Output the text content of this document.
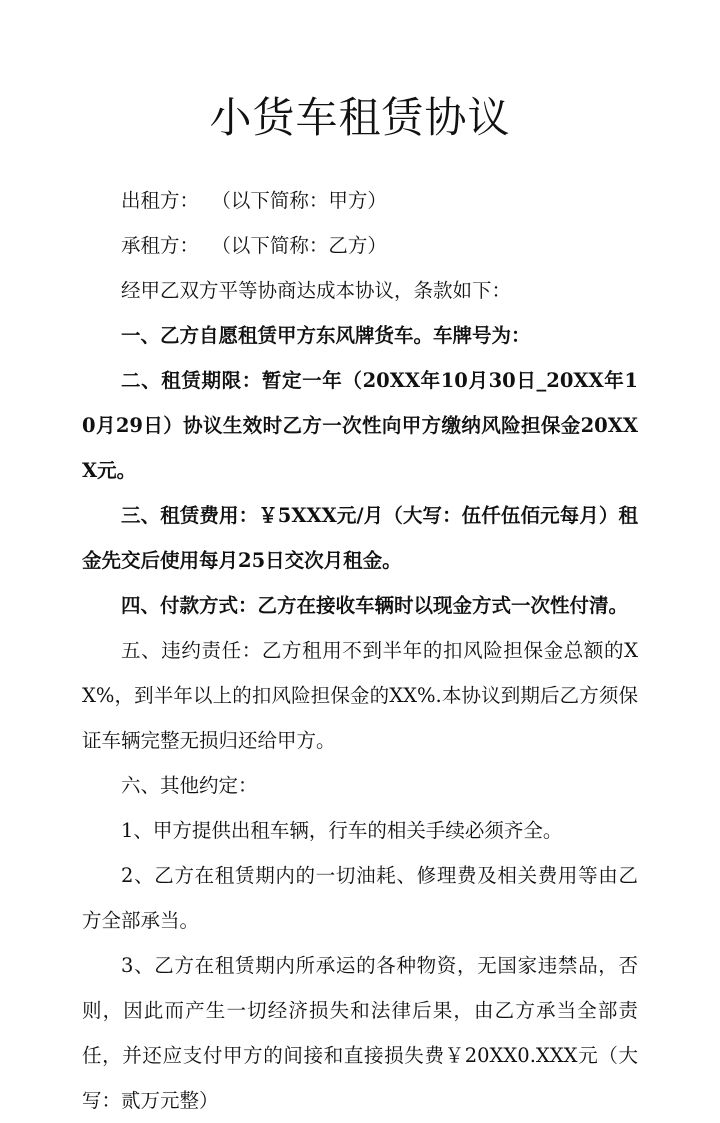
小货车租赁协议

出租方： （以下简称：甲方）

承租方： （以下简称：乙方）

经甲乙双方平等协商达成本协议，条款如下：

一、乙方自愿租赁甲方东风牌货车。车牌号为：

二、租赁期限：暂定一年（20XX年10月30日_20XX年10月29日）协议生效时乙方一次性向甲方缴纳风险担保金20XXX元。

三、租赁费用：￥5XXX元/月（大写：伍仟伍佰元每月）租金先交后使用每月25日交次月租金。

四、付款方式：乙方在接收车辆时以现金方式一次性付清。

五、违约责任：乙方租用不到半年的扣风险担保金总额的XX%，到半年以上的扣风险担保金的XX%.本协议到期后乙方须保证车辆完整无损归还给甲方。

六、其他约定：

1、甲方提供出租车辆，行车的相关手续必须齐全。

2、乙方在租赁期内的一切油耗、修理费及相关费用等由乙方全部承当。

3、乙方在租赁期内所承运的各种物资，无国家违禁品，否则，因此而产生一切经济损失和法律后果，由乙方承当全部责任，并还应支付甲方的间接和直接损失费￥20XX0.XXX元（大写：贰万元整）
